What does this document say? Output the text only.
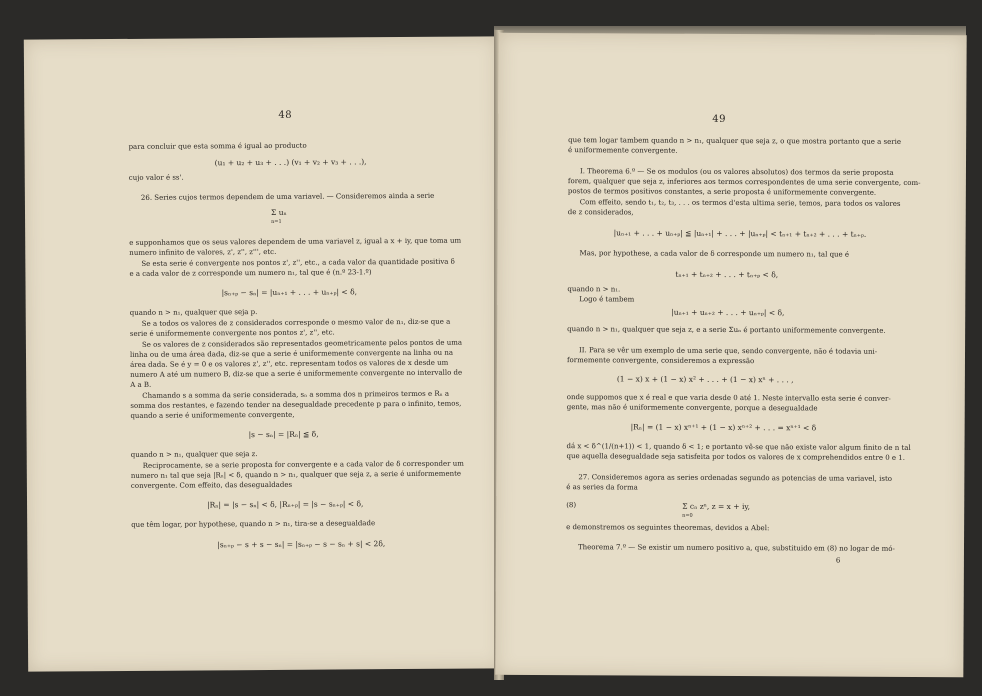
48
para concluir que esta somma é igual ao producto
(u₁ + u₂ + u₃ + . . .) (v₁ + v₂ + v₃ + . . .),
cujo valor é ss'.
26. Series cujos termos dependem de uma variavel. — Consideremos ainda a serie
Σ uₙ
n=1
e supponhamos que os seus valores dependem de uma variavel z, igual a x + iy, que toma um
numero infinito de valores, z', z'', z''', etc.
Se esta serie é convergente nos pontos z', z'', etc., a cada valor da quantidade positiva δ
e a cada valor de z corresponde um numero n₁, tal que é (n.º 23-1.º)
|sₙ₊ₚ − sₙ| = |uₙ₊₁ + . . . + uₙ₊ₚ| < δ,
quando n > n₁, qualquer que seja p.
Se a todos os valores de z considerados corresponde o mesmo valor de n₁, diz-se que a
serie é uniformemente convergente nos pontos z', z'', etc.
Se os valores de z considerados são representados geometricamente pelos pontos de uma
linha ou de uma área dada, diz-se que a serie é uniformemente convergente na linha ou na
área dada. Se é y = 0 e os valores z', z'', etc. representam todos os valores de x desde um
numero A até um numero B, diz-se que a serie é uniformemente convergente no intervallo de
A a B.
Chamando s a somma da serie considerada, sₙ a somma dos n primeiros termos e Rₙ a
somma dos restantes, e fazendo tender na desegualdade precedente p para o infinito, temos,
quando a serie é uniformemente convergente,
|s − sₙ| = |Rₙ| ≦ δ,
quando n > n₁, qualquer que seja z.
Reciprocamente, se a serie proposta for convergente e a cada valor de δ corresponder um
numero n₁ tal que seja |Rₙ| < δ, quando n > n₁, qualquer que seja z, a serie é uniformemente
convergente. Com effeito, das desegualdades
|Rₙ| = |s − sₙ| < δ, |Rₙ₊ₚ| = |s − sₙ₊ₚ| < δ,
que têm logar, por hypothese, quando n > n₁, tira-se a desegualdade
|sₙ₊ₚ − s + s − sₙ| = |sₙ₊ₚ − s − sₙ + s| < 2δ,
49
que tem logar tambem quando n > n₁, qualquer que seja z, o que mostra portanto que a serie
é uniformemente convergente.
I. Theorema 6.º — Se os modulos (ou os valores absolutos) dos termos da serie proposta
forem, qualquer que seja z, inferiores aos termos correspondentes de uma serie convergente, com-
postos de termos positivos constantes, a serie proposta é uniformemente convergente.
Com effeito, sendo t₁, t₂, t₃, . . . os termos d'esta ultima serie, temos, para todos os valores
de z considerados,
|uₙ₊₁ + . . . + uₙ₊ₚ| ≦ |uₙ₊₁| + . . . + |uₙ₊ₚ| < tₙ₊₁ + tₙ₊₂ + . . . + tₙ₊ₚ.
Mas, por hypothese, a cada valor de δ corresponde um numero n₁, tal que é
tₙ₊₁ + tₙ₊₂ + . . . + tₙ₊ₚ < δ,
quando n > n₁.
Logo é tambem
|uₙ₊₁ + uₙ₊₂ + . . . + uₙ₊ₚ| < δ,
quando n > n₁, qualquer que seja z, e a serie Σuₙ é portanto uniformemente convergente.
II. Para se vêr um exemplo de uma serie que, sendo convergente, não é todavia uni-
formemente convergente, consideremos a expressão
(1 − x) x + (1 − x) x² + . . . + (1 − x) xⁿ + . . . ,
onde suppomos que x é real e que varia desde 0 até 1. Neste intervallo esta serie é conver-
gente, mas não é uniformemente convergente, porque a desegualdade
|Rₙ| = (1 − x) xⁿ⁺¹ + (1 − x) xⁿ⁺² + . . . = xⁿ⁺¹ < δ
dá x < δ^(1/(n+1)) < 1, quando δ < 1; e portanto vê-se que não existe valor algum finito de n tal
que aquella desegualdade seja satisfeita por todos os valores de x comprehendidos entre 0 e 1.
27. Consideremos agora as series ordenadas segundo as potencias de uma variavel, isto
é as series da forma
(8)	Σ cₙ zⁿ, z = x + iy,
n=0
e demonstremos os seguintes theoremas, devidos a Abel:
Theorema 7.º — Se existir um numero positivo a, que, substituido em (8) no logar de mó-
6
